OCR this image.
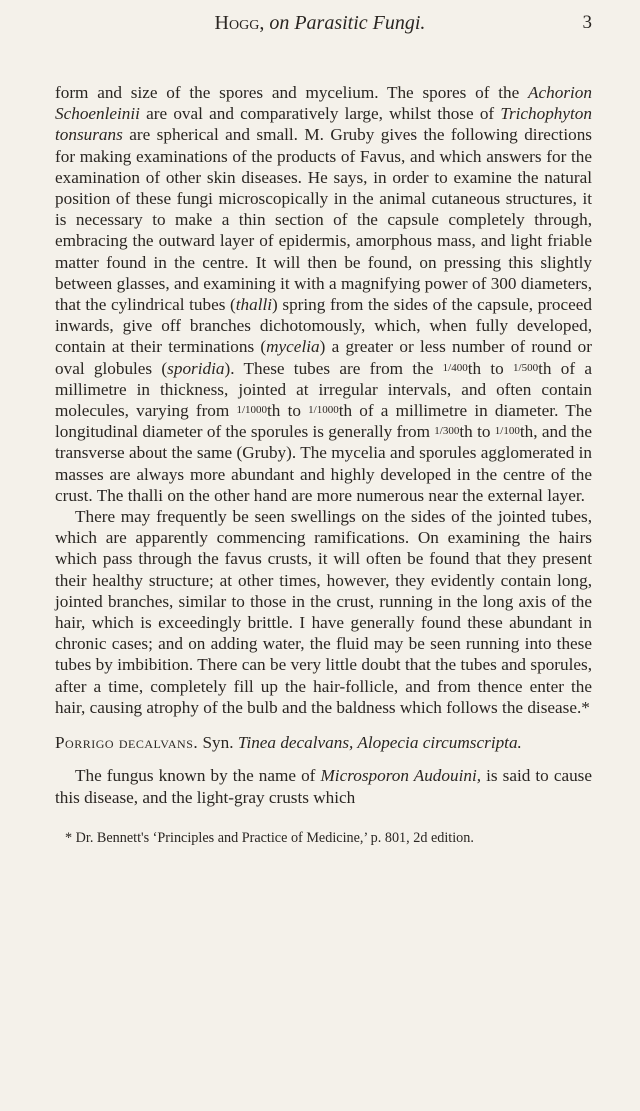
Hogg, on Parasitic Fungi.	3

form and size of the spores and mycelium. The spores of the Achorion Schoenleinii are oval and comparatively large, whilst those of Trichophyton tonsurans are spherical and small. M. Gruby gives the following directions for making examinations of the products of Favus, and which answers for the examination of other skin diseases. He says, in order to examine the natural position of these fungi microscopically in the animal cutaneous structures, it is necessary to make a thin section of the capsule completely through, embracing the outward layer of epidermis, amorphous mass, and light friable matter found in the centre. It will then be found, on pressing this slightly between glasses, and examining it with a magnifying power of 300 diameters, that the cylindrical tubes (thalli) spring from the sides of the capsule, proceed inwards, give off branches dichotomously, which, when fully developed, contain at their terminations (mycelia) a greater or less number of round or oval globules (sporidia). These tubes are from the 1/400th to 1/500th of a millimetre in thickness, jointed at irregular intervals, and often contain molecules, varying from 1/1000th to 1/1000th of a millimetre in diameter. The longitudinal diameter of the sporules is generally from 1/300th to 1/100th, and the transverse about the same (Gruby). The mycelia and sporules agglomerated in masses are always more abundant and highly developed in the centre of the crust. The thalli on the other hand are more numerous near the external layer.

There may frequently be seen swellings on the sides of the jointed tubes, which are apparently commencing ramifications. On examining the hairs which pass through the favus crusts, it will often be found that they present their healthy structure; at other times, however, they evidently contain long, jointed branches, similar to those in the crust, running in the long axis of the hair, which is exceedingly brittle. I have generally found these abundant in chronic cases; and on adding water, the fluid may be seen running into these tubes by imbibition. There can be very little doubt that the tubes and sporules, after a time, completely fill up the hair-follicle, and from thence enter the hair, causing atrophy of the bulb and the baldness which follows the disease.*

Porrigo decalvans. Syn. Tinea decalvans, Alopecia circumscripta.

The fungus known by the name of Microsporon Audouini, is said to cause this disease, and the light-gray crusts which

* Dr. Bennett's ‘Principles and Practice of Medicine,’ p. 801, 2d edition.
